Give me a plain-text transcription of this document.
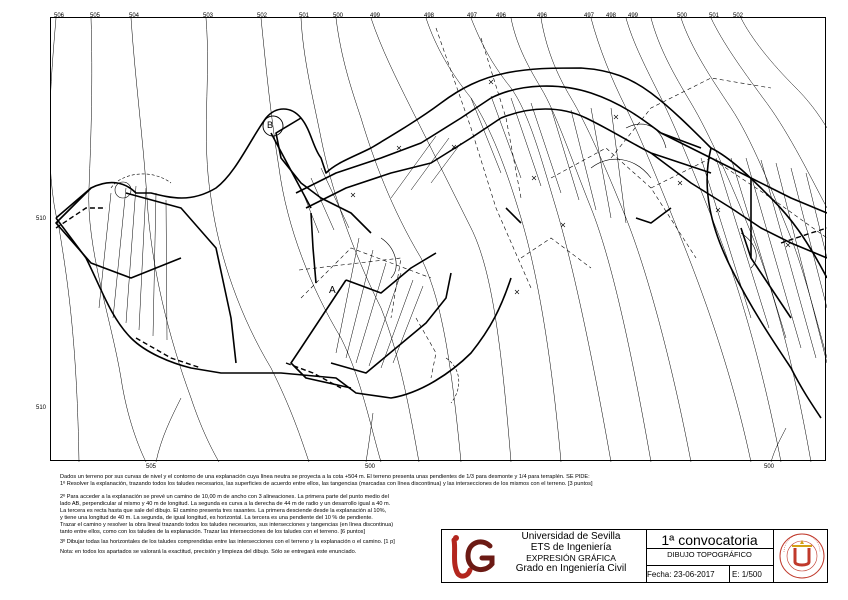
506	505	504	503	502	501	500	499	498	497	496	496	497 498 499	500	501 502
B
A
510
510
505	500	500

Dados un terreno por sus curvas de nivel y el contorno de una explanación cuya línea neutra se proyecta a la cota +504 m. El terreno presenta unas pendientes de 1/3 para desmonte y 1/4 para terraplén. SE PIDE:

1º Resolver la explanación, trazando todos los taludes necesarios, las superficies de acuerdo entre ellos, las tangencias (marcadas con línea discontinua) y las intersecciones de los mismos con el terreno. [3 puntos]

2º Para acceder a la explanación se prevé un camino de 10,00 m de ancho con 3 alineaciones. La primera parte del punto medio del
lado AB, perpendicular al mismo y 40 m de longitud. La segunda es curva a la derecha de 44 m de radio y un desarrollo igual a 40 m.
La tercera es recta hasta que sale del dibujo. El camino presenta tres rasantes. La primera desciende desde la explanación al 10%,
y tiene una longitud de 40 m. La segunda, de igual longitud, es horizontal. La tercera es una pendiente del 10 % de pendiente.
Trazar el camino y resolver la obra lineal trazando todos los taludes necesarios, sus intersecciones y tangencias (en línea discontinua)
tanto entre ellos, como con los taludes de la explanación. Trazar las intersecciones de los taludes con el terreno. [6 puntos]

3º Dibujar todas las horizontales de los taludes comprendidas entre las intersecciones con el terreno y la explanación o el camino. [1 p]

Nota: en todos los apartados se valorará la exactitud, precisión y limpieza del dibujo. Sólo se entregará este enunciado.

Universidad de Sevilla
ETS de Ingeniería
EXPRESIÓN GRÁFICA
Grado en Ingeniería Civil
1ª convocatoria
DIBUJO TOPOGRÁFICO
Fecha: 23-06-2017 E: 1/500
